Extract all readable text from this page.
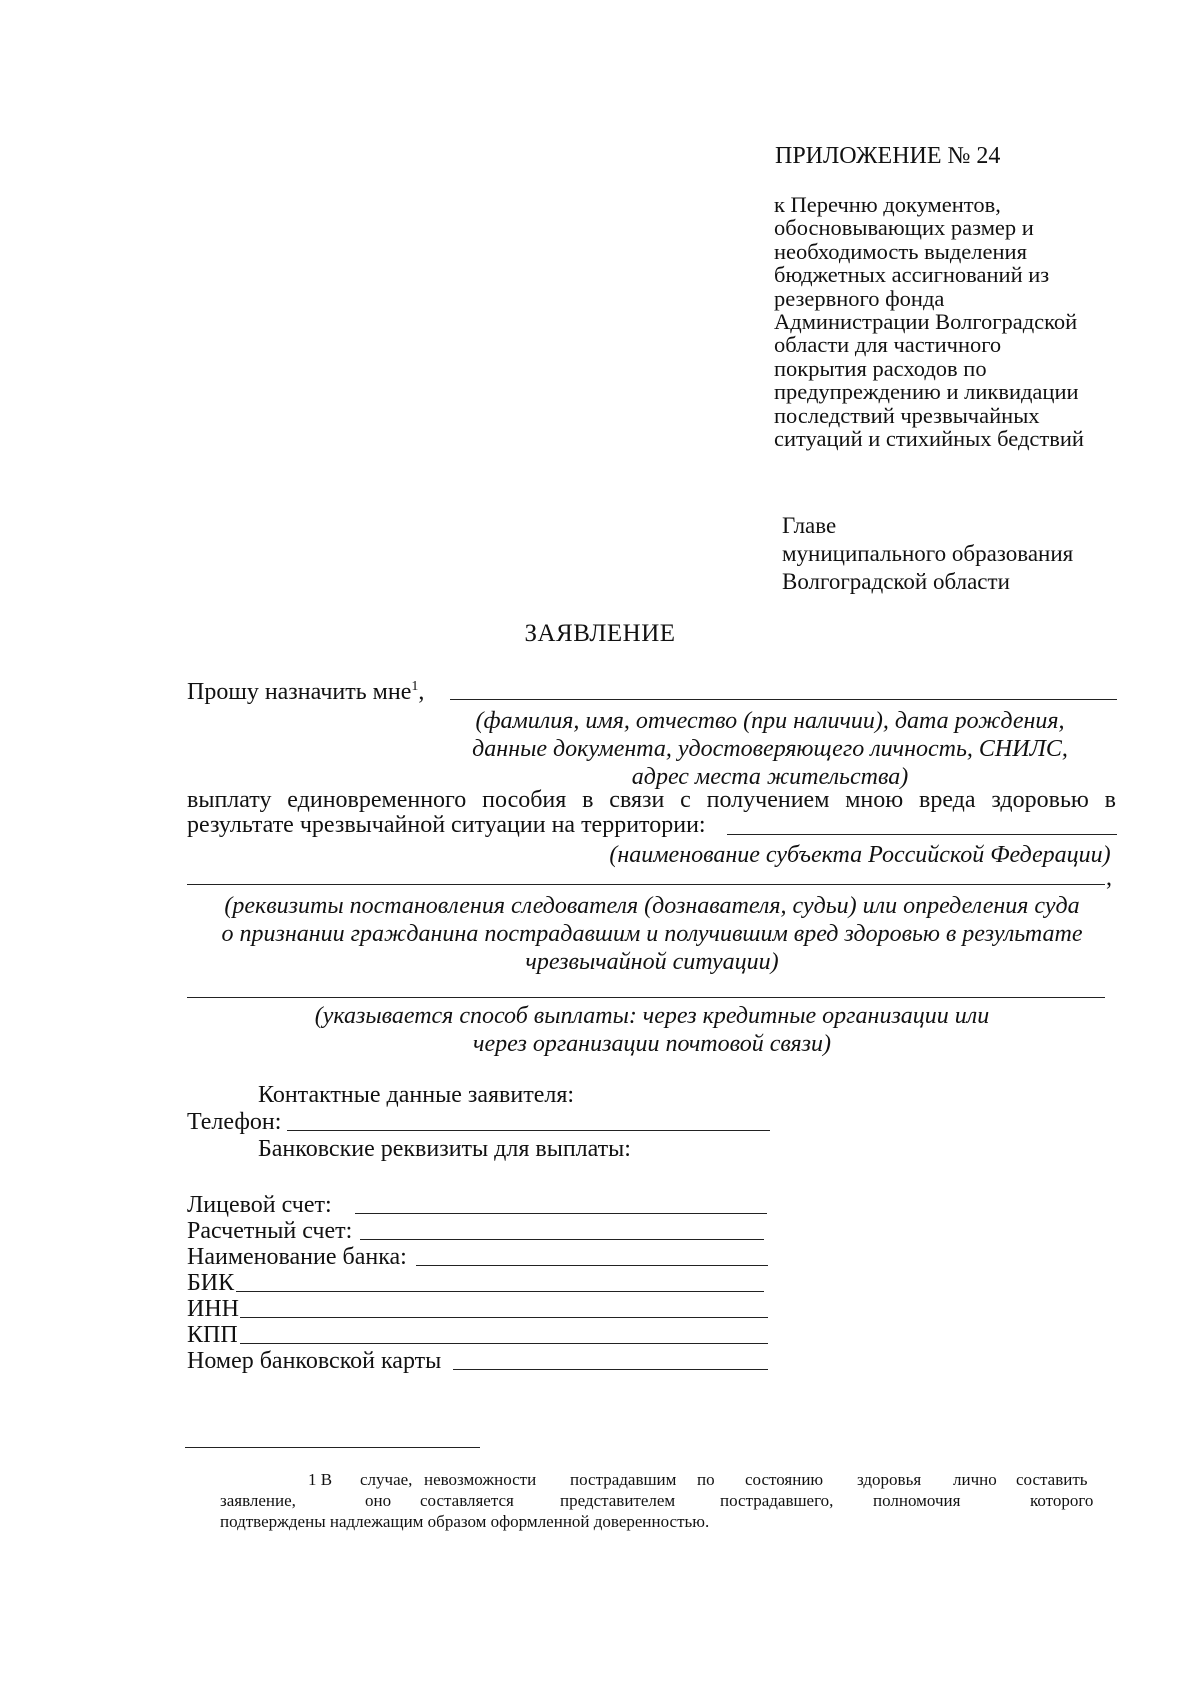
ПРИЛОЖЕНИЕ № 24
к Перечню документов,
обосновывающих размер и
необходимость выделения
бюджетных ассигнований из
резервного фонда
Администрации Волгоградской
области для частичного
покрытия расходов по
предупреждению и ликвидации
последствий чрезвычайных
ситуаций и стихийных бедствий
Главе
муниципального образования
Волгоградской области
ЗАЯВЛЕНИЕ
Прошу назначить мне$^1$,
(фамилия, имя, отчество (при наличии), дата рождения,
данные документа, удостоверяющего личность, СНИЛС,
адрес места жительства)
выплату единовременного пособия в связи с получением мною вреда здоровью в
результате чрезвычайной ситуации на территории:
(наименование субъекта Российской Федерации)
,
(реквизиты постановления следователя (дознавателя, судьи) или определения суда
о признании гражданина пострадавшим и получившим вред здоровью в результате
чрезвычайной ситуации)
(указывается способ выплаты: через кредитные организации или
через организации почтовой связи)
Контактные данные заявителя:
Телефон:
Банковские реквизиты для выплаты:
Лицевой счет:
Расчетный счет:
Наименование банка:
БИК
ИНН
КПП
Номер банковской карты
1 В случае, невозможности пострадавшим по состоянию здоровья лично составить
заявление,	оно составляется	представителем	пострадавшего, полномочия	которого
подтверждены надлежащим образом оформленной доверенностью.
